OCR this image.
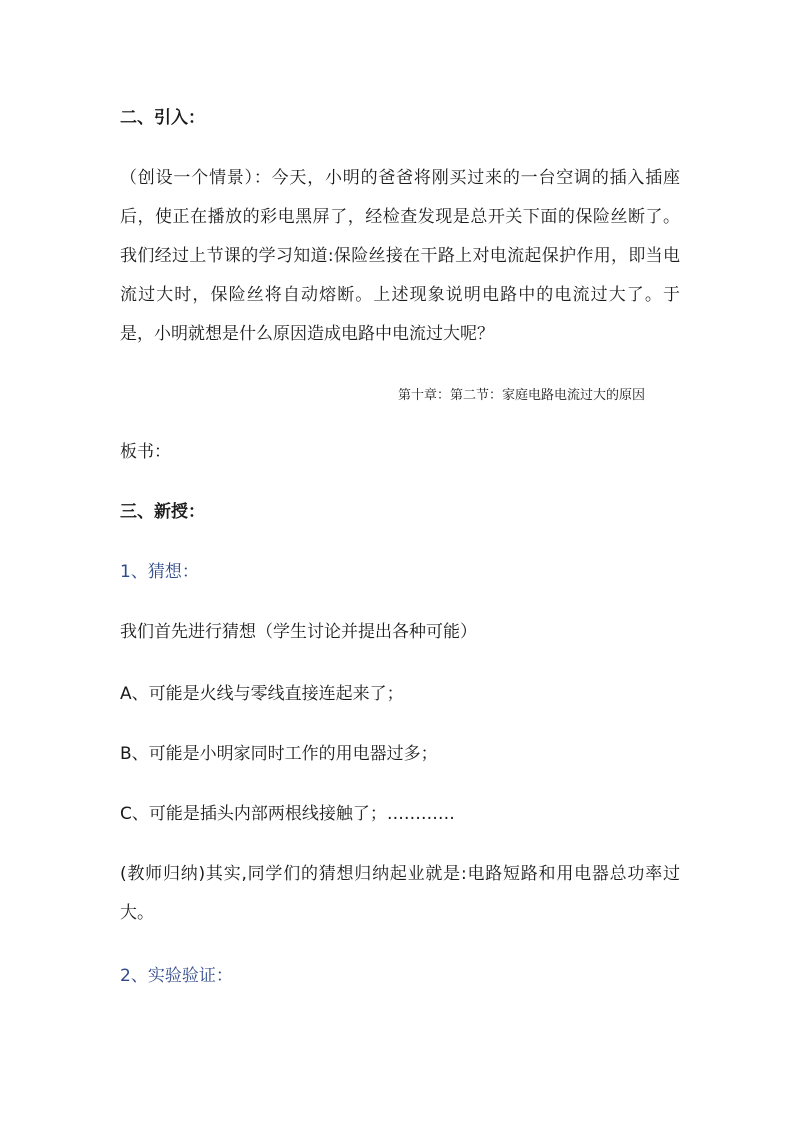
二、引入：
（创设一个情景）：今天，小明的爸爸将刚买过来的一台空调的插入插座后，使正在播放的彩电黑屏了，经检查发现是总开关下面的保险丝断了。我们经过上节课的学习知道:保险丝接在干路上对电流起保护作用，即当电流过大时，保险丝将自动熔断。上述现象说明电路中的电流过大了。于是，小明就想是什么原因造成电路中电流过大呢？
第十章：第二节：家庭电路电流过大的原因
板书：
三、新授：
1、猜想：
我们首先进行猜想（学生讨论并提出各种可能）
A、可能是火线与零线直接连起来了；
B、可能是小明家同时工作的用电器过多；
C、可能是插头内部两根线接触了；…………
(教师归纳)其实,同学们的猜想归纳起业就是:电路短路和用电器总功率过大。
2、实验验证：
